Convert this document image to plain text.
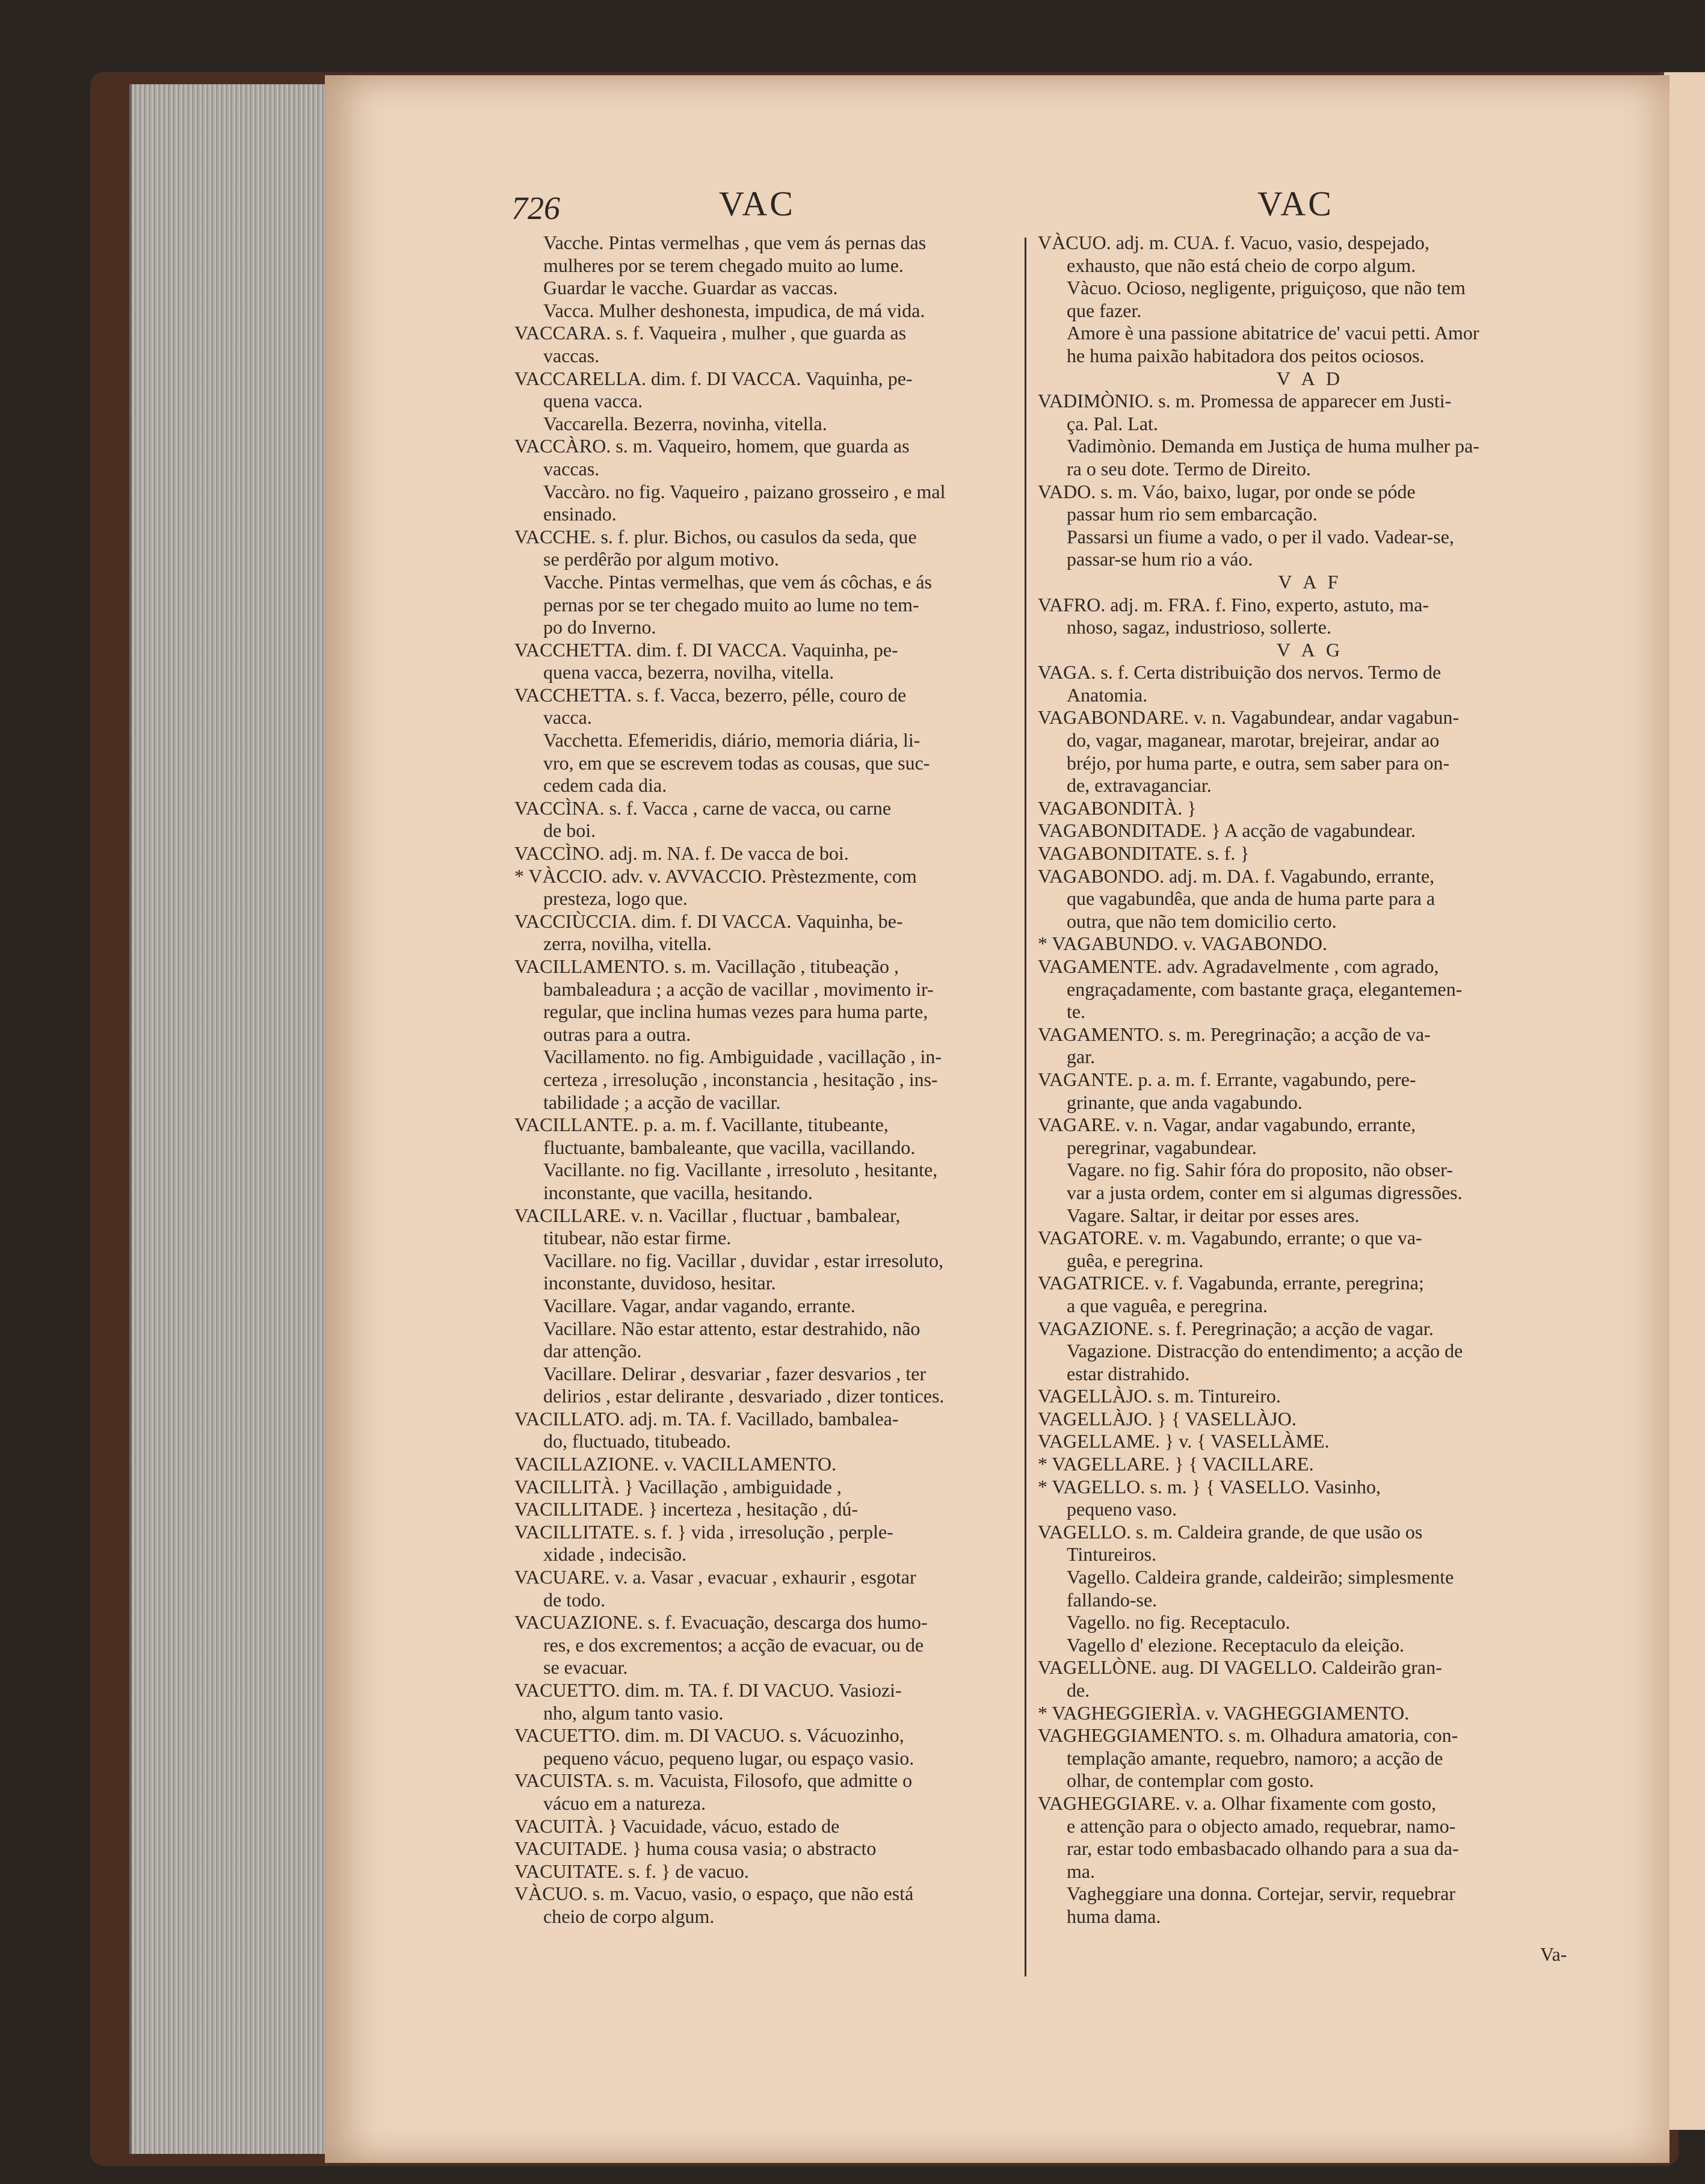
726	VAC	VAC
Vacche. Pintas vermelhas , que vem ás pernas das
mulheres por se terem chegado muito ao lume.
Guardar le vacche. Guardar as vaccas.
Vacca. Mulher deshonesta, impudica, de má vida.
VACCARA. s. f. Vaqueira , mulher , que guarda as
vaccas.
VACCARELLA. dim. f. DI VACCA. Vaquinha, pe-
quena vacca.
Vaccarella. Bezerra, novinha, vitella.
VACCÀRO. s. m. Vaqueiro, homem, que guarda as
vaccas.
Vaccàro. no fig. Vaqueiro , paizano grosseiro , e mal
ensinado.
VACCHE. s. f. plur. Bichos, ou casulos da seda, que
se perdêrão por algum motivo.
Vacche. Pintas vermelhas, que vem ás côchas, e ás
pernas por se ter chegado muito ao lume no tem-
po do Inverno.
VACCHETTA. dim. f. DI VACCA. Vaquinha, pe-
quena vacca, bezerra, novilha, vitella.
VACCHETTA. s. f. Vacca, bezerro, pélle, couro de
vacca.
Vacchetta. Efemeridis, diário, memoria diária, li-
vro, em que se escrevem todas as cousas, que suc-
cedem cada dia.
VACCÌNA. s. f. Vacca , carne de vacca, ou carne
de boi.
VACCÌNO. adj. m. NA. f. De vacca de boi.
* VÀCCIO. adv. v. AVVACCIO. Prèstezmente, com
presteza, logo que.
VACCIÙCCIA. dim. f. DI VACCA. Vaquinha, be-
zerra, novilha, vitella.
VACILLAMENTO. s. m. Vacillação , titubeação ,
bambaleadura ; a acção de vacillar , movimento ir-
regular, que inclina humas vezes para huma parte,
outras para a outra.
Vacillamento. no fig. Ambiguidade , vacillação , in-
certeza , irresolução , inconstancia , hesitação , ins-
tabilidade ; a acção de vacillar.
VACILLANTE. p. a. m. f. Vacillante, titubeante,
fluctuante, bambaleante, que vacilla, vacillando.
Vacillante. no fig. Vacillante , irresoluto , hesitante,
inconstante, que vacilla, hesitando.
VACILLARE. v. n. Vacillar , fluctuar , bambalear,
titubear, não estar firme.
Vacillare. no fig. Vacillar , duvidar , estar irresoluto,
inconstante, duvidoso, hesitar.
Vacillare. Vagar, andar vagando, errante.
Vacillare. Não estar attento, estar destrahido, não
dar attenção.
Vacillare. Delirar , desvariar , fazer desvarios , ter
delirios , estar delirante , desvariado , dizer tontices.
VACILLATO. adj. m. TA. f. Vacillado, bambalea-
do, fluctuado, titubeado.
VACILLAZIONE. v. VACILLAMENTO.
VACILLITÀ. } Vacillação , ambiguidade ,
VACILLITADE. } incerteza , hesitação , dú-
VACILLITATE. s. f. } vida , irresolução , perple-
xidade , indecisão.
VACUARE. v. a. Vasar , evacuar , exhaurir , esgotar
de todo.
VACUAZIONE. s. f. Evacuação, descarga dos humo-
res, e dos excrementos; a acção de evacuar, ou de
se evacuar.
VACUETTO. dim. m. TA. f. DI VACUO. Vasiozi-
nho, algum tanto vasio.
VACUETTO. dim. m. DI VACUO. s. Vácuozinho,
pequeno vácuo, pequeno lugar, ou espaço vasio.
VACUISTA. s. m. Vacuista, Filosofo, que admitte o
vácuo em a natureza.
VACUITÀ. } Vacuidade, vácuo, estado de
VACUITADE. } huma cousa vasia; o abstracto
VACUITATE. s. f. } de vacuo.
VÀCUO. s. m. Vacuo, vasio, o espaço, que não está
cheio de corpo algum.
VÀCUO. adj. m. CUA. f. Vacuo, vasio, despejado,
exhausto, que não está cheio de corpo algum.
Vàcuo. Ocioso, negligente, priguiçoso, que não tem
que fazer.
Amore è una passione abitatrice de' vacui petti. Amor
he huma paixão habitadora dos peitos ociosos.
V A D
VADIMÒNIO. s. m. Promessa de apparecer em Justi-
ça. Pal. Lat.
Vadimònio. Demanda em Justiça de huma mulher pa-
ra o seu dote. Termo de Direito.
VADO. s. m. Váo, baixo, lugar, por onde se póde
passar hum rio sem embarcação.
Passarsi un fiume a vado, o per il vado. Vadear-se,
passar-se hum rio a váo.
V A F
VAFRO. adj. m. FRA. f. Fino, experto, astuto, ma-
nhoso, sagaz, industrioso, sollerte.
V A G
VAGA. s. f. Certa distribuição dos nervos. Termo de
Anatomia.
VAGABONDARE. v. n. Vagabundear, andar vagabun-
do, vagar, maganear, marotar, brejeirar, andar ao
bréjo, por huma parte, e outra, sem saber para on-
de, extravaganciar.
VAGABONDITÀ. }
VAGABONDITADE. } A acção de vagabundear.
VAGABONDITATE. s. f. }
VAGABONDO. adj. m. DA. f. Vagabundo, errante,
que vagabundêa, que anda de huma parte para a
outra, que não tem domicilio certo.
* VAGABUNDO. v. VAGABONDO.
VAGAMENTE. adv. Agradavelmente , com agrado,
engraçadamente, com bastante graça, elegantemen-
te.
VAGAMENTO. s. m. Peregrinação; a acção de va-
gar.
VAGANTE. p. a. m. f. Errante, vagabundo, pere-
grinante, que anda vagabundo.
VAGARE. v. n. Vagar, andar vagabundo, errante,
peregrinar, vagabundear.
Vagare. no fig. Sahir fóra do proposito, não obser-
var a justa ordem, conter em si algumas digressões.
Vagare. Saltar, ir deitar por esses ares.
VAGATORE. v. m. Vagabundo, errante; o que va-
guêa, e peregrina.
VAGATRICE. v. f. Vagabunda, errante, peregrina;
a que vaguêa, e peregrina.
VAGAZIONE. s. f. Peregrinação; a acção de vagar.
Vagazione. Distracção do entendimento; a acção de
estar distrahido.
VAGELLÀJO. s. m. Tintureiro.
VAGELLÀJO. } { VASELLÀJO.
VAGELLAME. } v. { VASELLÀME.
* VAGELLARE. } { VACILLARE.
* VAGELLO. s. m. } { VASELLO. Vasinho,
pequeno vaso.
VAGELLO. s. m. Caldeira grande, de que usão os
Tintureiros.
Vagello. Caldeira grande, caldeirão; simplesmente
fallando-se.
Vagello. no fig. Receptaculo.
Vagello d' elezione. Receptaculo da eleição.
VAGELLÒNE. aug. DI VAGELLO. Caldeirão gran-
de.
* VAGHEGGIERÌA. v. VAGHEGGIAMENTO.
VAGHEGGIAMENTO. s. m. Olhadura amatoria, con-
templação amante, requebro, namoro; a acção de
olhar, de contemplar com gosto.
VAGHEGGIARE. v. a. Olhar fixamente com gosto,
e attenção para o objecto amado, requebrar, namo-
rar, estar todo embasbacado olhando para a sua da-
ma.
Vagheggiare una donna. Cortejar, servir, requebrar
huma dama.
Va-
